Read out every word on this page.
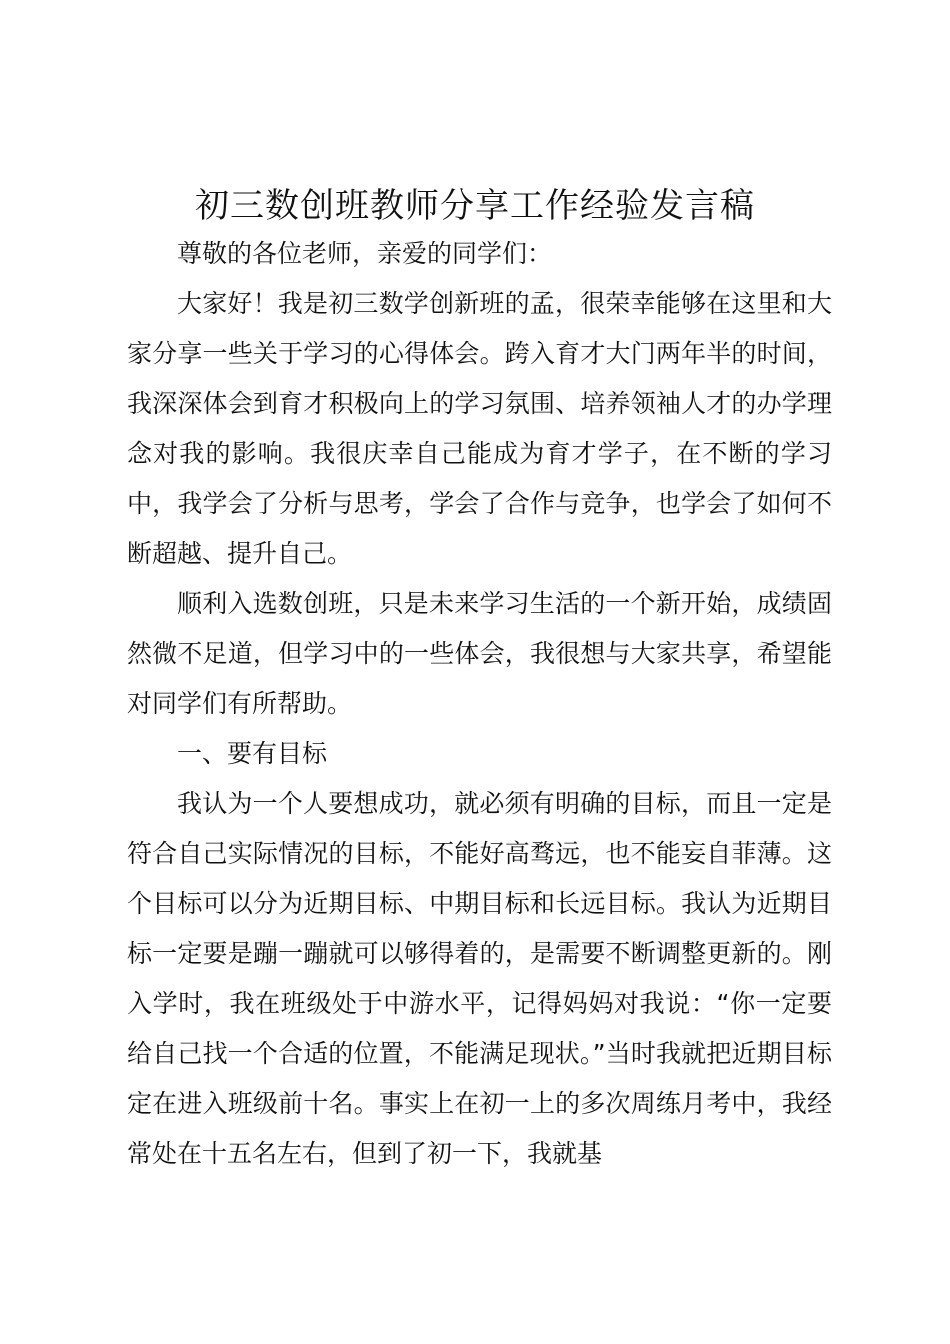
初三数创班教师分享工作经验发言稿

尊敬的各位老师，亲爱的同学们：

大家好！我是初三数学创新班的孟，很荣幸能够在这里和大家分享一些关于学习的心得体会。跨入育才大门两年半的时间，我深深体会到育才积极向上的学习氛围、培养领袖人才的办学理念对我的影响。我很庆幸自己能成为育才学子，在不断的学习中，我学会了分析与思考，学会了合作与竞争，也学会了如何不断超越、提升自己。

顺利入选数创班，只是未来学习生活的一个新开始，成绩固然微不足道，但学习中的一些体会，我很想与大家共享，希望能对同学们有所帮助。

一、要有目标

我认为一个人要想成功，就必须有明确的目标，而且一定是符合自己实际情况的目标，不能好高骛远，也不能妄自菲薄。这个目标可以分为近期目标、中期目标和长远目标。我认为近期目标一定要是蹦一蹦就可以够得着的，是需要不断调整更新的。刚入学时，我在班级处于中游水平，记得妈妈对我说：“你一定要给自己找一个合适的位置，不能满足现状。”当时我就把近期目标定在进入班级前十名。事实上在初一上的多次周练月考中，我经常处在十五名左右，但到了初一下，我就基
